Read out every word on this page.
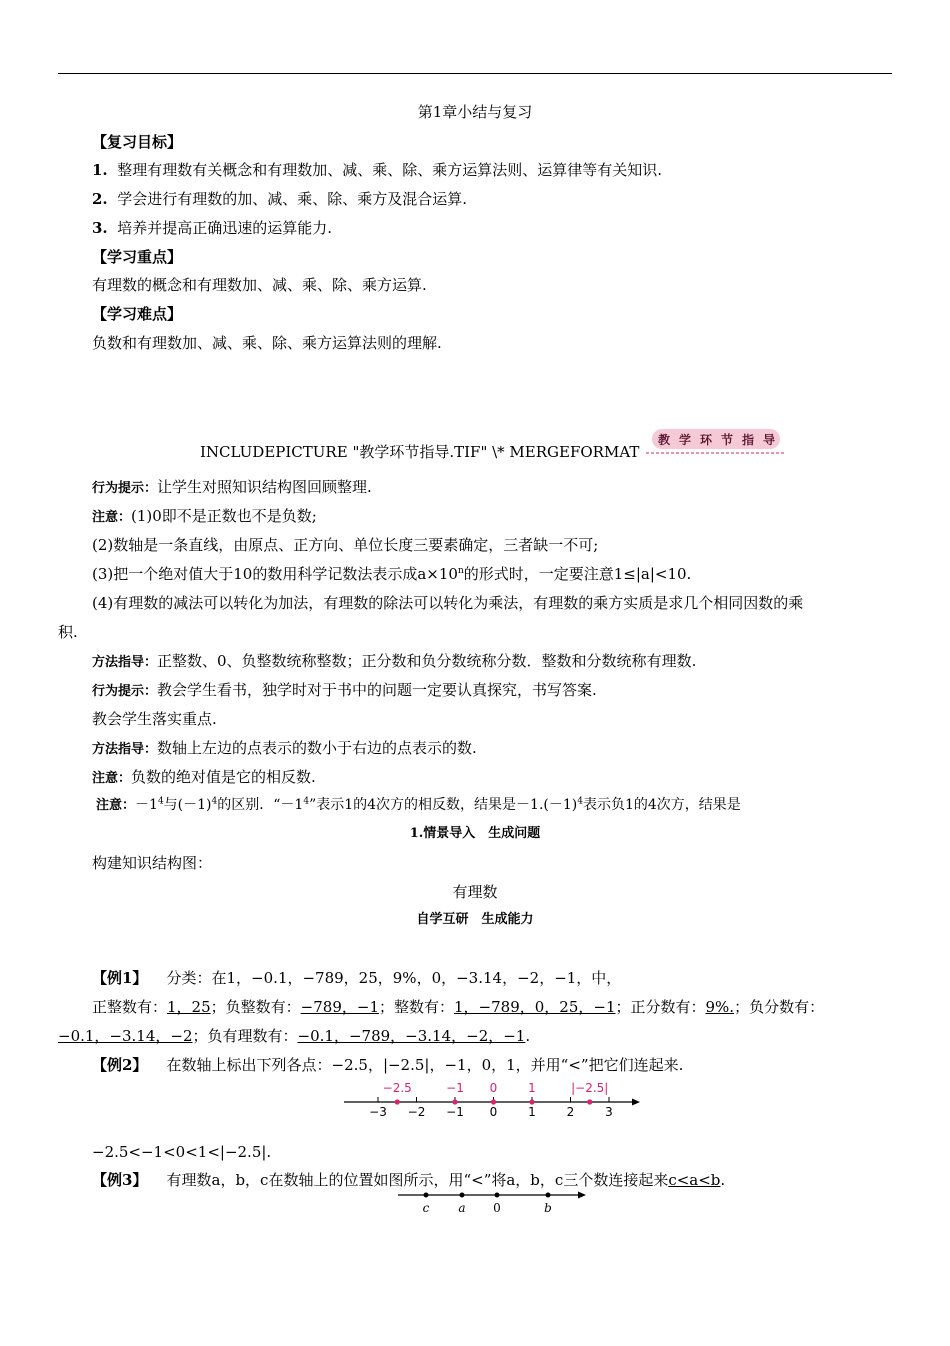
第1章小结与复习
【复习目标】
1. 整理有理数有关概念和有理数加、减、乘、除、乘方运算法则、运算律等有关知识.
2. 学会进行有理数的加、减、乘、除、乘方及混合运算.
3. 培养并提高正确迅速的运算能力.
【学习重点】
有理数的概念和有理数加、减、乘、除、乘方运算.
【学习难点】
负数和有理数加、减、乘、除、乘方运算法则的理解.
INCLUDEPICTURE "教学环节指导.TIF" \* MERGEFORMAT
教 学 环 节 指 导
行为提示：让学生对照知识结构图回顾整理.
注意：(1)0即不是正数也不是负数;
(2)数轴是一条直线，由原点、正方向、单位长度三要素确定，三者缺一不可;
(3)把一个绝对值大于10的数用科学记数法表示成$a\times 10^n$的形式时，一定要注意1≤|a|<10.
(4)有理数的减法可以转化为加法，有理数的除法可以转化为乘法，有理数的乘方实质是求几个相同因数的乘
积.
方法指导：正整数、0、负整数统称整数；正分数和负分数统称分数．整数和分数统称有理数.
行为提示：教会学生看书，独学时对于书中的问题一定要认真探究，书写答案.
教会学生落实重点.
方法指导：数轴上左边的点表示的数小于右边的点表示的数.
注意：负数的绝对值是它的相反数.
注意：$-1^4$与$(-1)^4$的区别．“$-1^4$”表示1的4次方的相反数，结果是$-1.(-1)^4$表示负1的4次方，结果是
1.情景导入　生成问题
构建知识结构图：
有理数
自学互研　生成能力
【例1】 分类：在1，−0.1，−789，25，9%，0，−3.14，−2，−1，中，
正整数有：1，25；负整数有：−789，−1；整数有：1，−789，0，25，−1；正分数有：9%.；负分数有：
−0.1，−3.14，−2；负有理数有：−0.1，−789，−3.14，−2，−1.
【例2】 在数轴上标出下列各点：−2.5，|−2.5|，−1，0，1，并用“<”把它们连起来.
−3 −2 −1 0	1	2	3
−2.5	−1 0	1	|−2.5|
−2.5<−1<0<1<|−2.5|.
【例3】 有理数a，b，c在数轴上的位置如图所示，用“<”将a，b，c三个数连接起来c<a<b.
c a 0	b
